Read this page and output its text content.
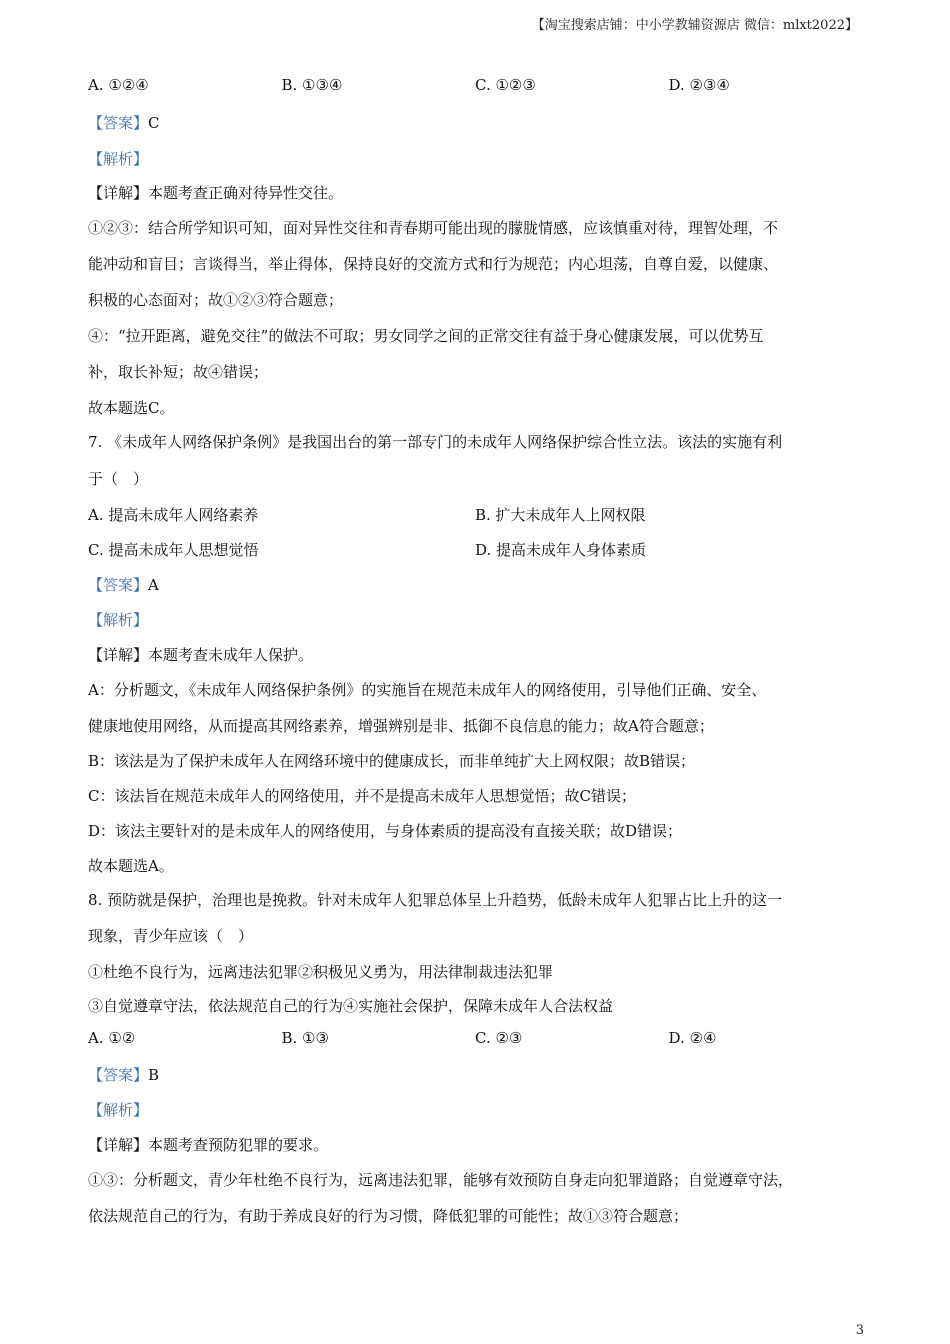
【淘宝搜索店铺：中小学教辅资源店 微信：mlxt2022】
A. ①②④	B. ①③④	C. ①②③	D. ②③④
【答案】C
【解析】
【详解】本题考查正确对待异性交往。
①②③：结合所学知识可知，面对异性交往和青春期可能出现的朦胧情感，应该慎重对待，理智处理，不
能冲动和盲目；言谈得当，举止得体，保持良好的交流方式和行为规范；内心坦荡，自尊自爱，以健康、
积极的心态面对；故①②③符合题意；
④：“拉开距离，避免交往”的做法不可取；男女同学之间的正常交往有益于身心健康发展，可以优势互
补，取长补短；故④错误；
故本题选C。
7. 《未成年人网络保护条例》是我国出台的第一部专门的未成年人网络保护综合性立法。该法的实施有利
于（　）
A. 提高未成年人网络素养	B. 扩大未成年人上网权限
C. 提高未成年人思想觉悟	D. 提高未成年人身体素质
【答案】A
【解析】
【详解】本题考查未成年人保护。
A：分析题文，《未成年人网络保护条例》的实施旨在规范未成年人的网络使用，引导他们正确、安全、
健康地使用网络，从而提高其网络素养，增强辨别是非、抵御不良信息的能力；故A符合题意；
B：该法是为了保护未成年人在网络环境中的健康成长，而非单纯扩大上网权限；故B错误；
C：该法旨在规范未成年人的网络使用，并不是提高未成年人思想觉悟；故C错误；
D：该法主要针对的是未成年人的网络使用，与身体素质的提高没有直接关联；故D错误；
故本题选A。
8. 预防就是保护，治理也是挽救。针对未成年人犯罪总体呈上升趋势，低龄未成年人犯罪占比上升的这一
现象，青少年应该（　）
①杜绝不良行为，远离违法犯罪②积极见义勇为，用法律制裁违法犯罪
③自觉遵章守法，依法规范自己的行为④实施社会保护，保障未成年人合法权益
A. ①②	B. ①③	C. ②③	D. ②④
【答案】B
【解析】
【详解】本题考查预防犯罪的要求。
①③：分析题文，青少年杜绝不良行为，远离违法犯罪，能够有效预防自身走向犯罪道路；自觉遵章守法，
依法规范自己的行为，有助于养成良好的行为习惯，降低犯罪的可能性；故①③符合题意；
3
